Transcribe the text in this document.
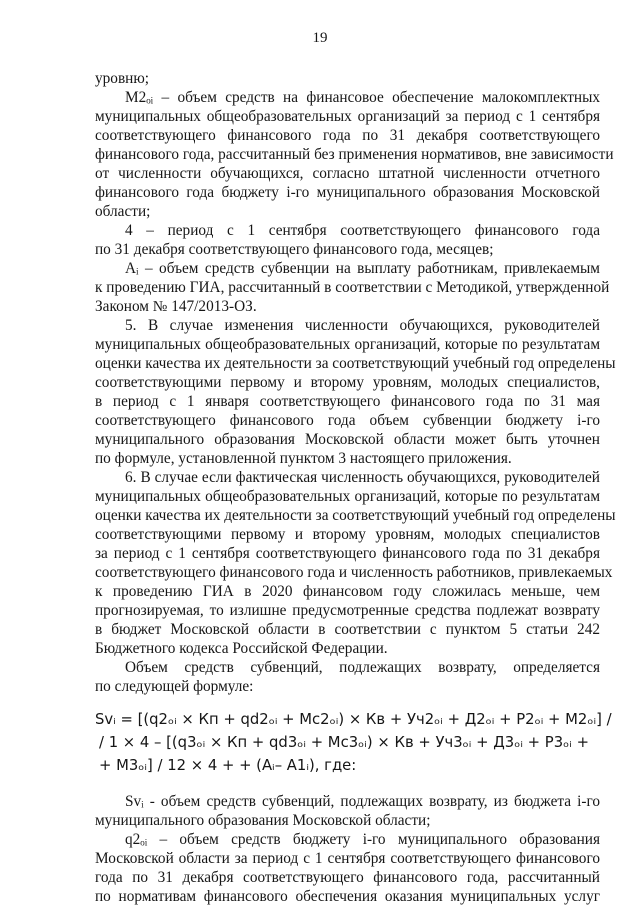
19
уровню;
M2ₒᵢ – объем средств на финансовое обеспечение малокомплектных
муниципальных общеобразовательных организаций за период с 1 сентября
соответствующего финансового года по 31 декабря соответствующего
финансового года, рассчитанный без применения нормативов, вне зависимости
от численности обучающихся, согласно штатной численности отчетного
финансового года бюджету i-го муниципального образования Московской
области;
4 – период с 1 сентября соответствующего финансового года
по 31 декабря соответствующего финансового года, месяцев;
Aᵢ – объем средств субвенции на выплату работникам, привлекаемым
к проведению ГИА, рассчитанный в соответствии с Методикой, утвержденной
Законом № 147/2013-ОЗ.
5. В случае изменения численности обучающихся, руководителей
муниципальных общеобразовательных организаций, которые по результатам
оценки качества их деятельности за соответствующий учебный год определены
соответствующими первому и второму уровням, молодых специалистов,
в период с 1 января соответствующего финансового года по 31 мая
соответствующего финансового года объем субвенции бюджету i-го
муниципального образования Московской области может быть уточнен
по формуле, установленной пунктом 3 настоящего приложения.
6. В случае если фактическая численность обучающихся, руководителей
муниципальных общеобразовательных организаций, которые по результатам
оценки качества их деятельности за соответствующий учебный год определены
соответствующими первому и второму уровням, молодых специалистов
за период с 1 сентября соответствующего финансового года по 31 декабря
соответствующего финансового года и численность работников, привлекаемых
к проведению ГИА в 2020 финансовом году сложилась меньше, чем
прогнозируемая, то излишне предусмотренные средства подлежат возврату
в бюджет Московской области в соответствии с пунктом 5 статьи 242
Бюджетного кодекса Российской Федерации.
Объем средств субвенций, подлежащих возврату, определяется
по следующей формуле:
Svᵢ = [(q2ₒᵢ × Кп + qd2ₒᵢ + Мс2ₒᵢ) × Кв + Уч2ₒᵢ + Д2ₒᵢ + Р2ₒᵢ + М2ₒᵢ] /
/ 1 × 4 – [(q3ₒᵢ × Кп + qd3ₒᵢ + Мс3ₒᵢ) × Кв + Уч3ₒᵢ + Д3ₒᵢ + Р3ₒᵢ +
+ М3ₒᵢ] / 12 × 4 + + (Aᵢ– A1ᵢ), где:
Svᵢ - объем средств субвенций, подлежащих возврату, из бюджета i-го
муниципального образования Московской области;
q2ₒᵢ – объем средств бюджету i-го муниципального образования
Московской области за период с 1 сентября соответствующего финансового
года по 31 декабря соответствующего финансового года, рассчитанный
по нормативам финансового обеспечения оказания муниципальных услуг
